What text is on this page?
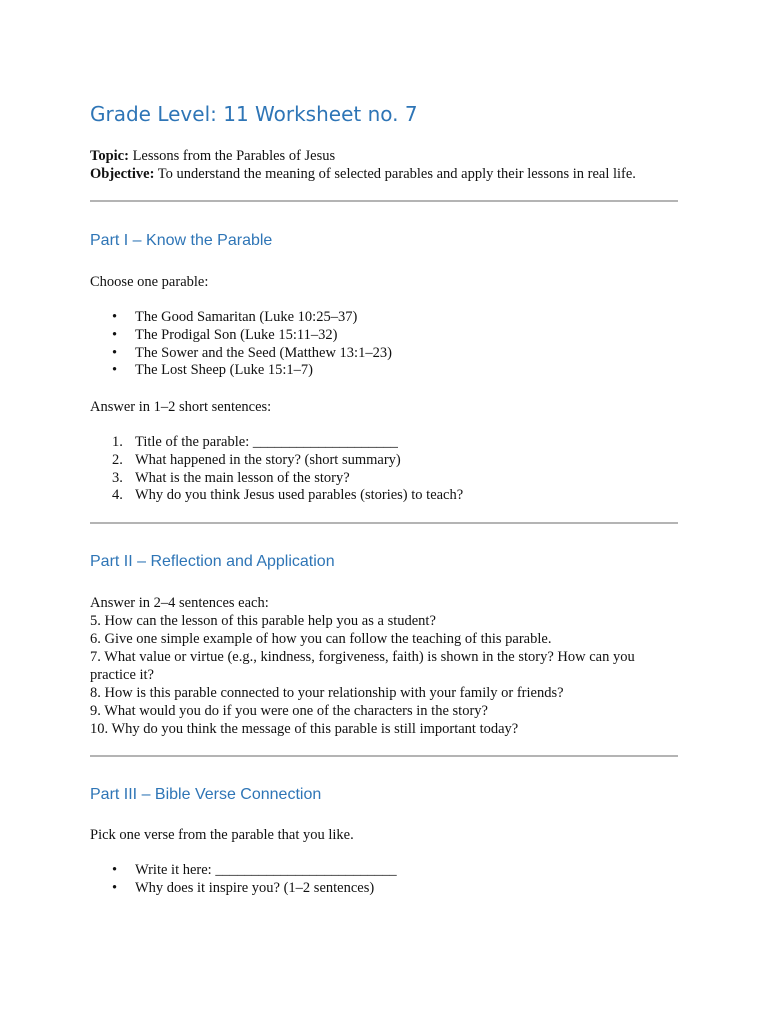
Grade Level: 11 Worksheet no. 7
Topic: Lessons from the Parables of Jesus
Objective: To understand the meaning of selected parables and apply their lessons in real life.
Part I – Know the Parable
Choose one parable:
• The Good Samaritan (Luke 10:25–37)
• The Prodigal Son (Luke 15:11–32)
• The Sower and the Seed (Matthew 13:1–23)
• The Lost Sheep (Luke 15:1–7)
Answer in 1–2 short sentences:
1. Title of the parable: ____________________
2. What happened in the story? (short summary)
3. What is the main lesson of the story?
4. Why do you think Jesus used parables (stories) to teach?
Part II – Reflection and Application
Answer in 2–4 sentences each:
5. How can the lesson of this parable help you as a student?
6. Give one simple example of how you can follow the teaching of this parable.
7. What value or virtue (e.g., kindness, forgiveness, faith) is shown in the story? How can you practice it?
8. How is this parable connected to your relationship with your family or friends?
9. What would you do if you were one of the characters in the story?
10. Why do you think the message of this parable is still important today?
Part III – Bible Verse Connection
Pick one verse from the parable that you like.
• Write it here: _________________________
• Why does it inspire you? (1–2 sentences)
